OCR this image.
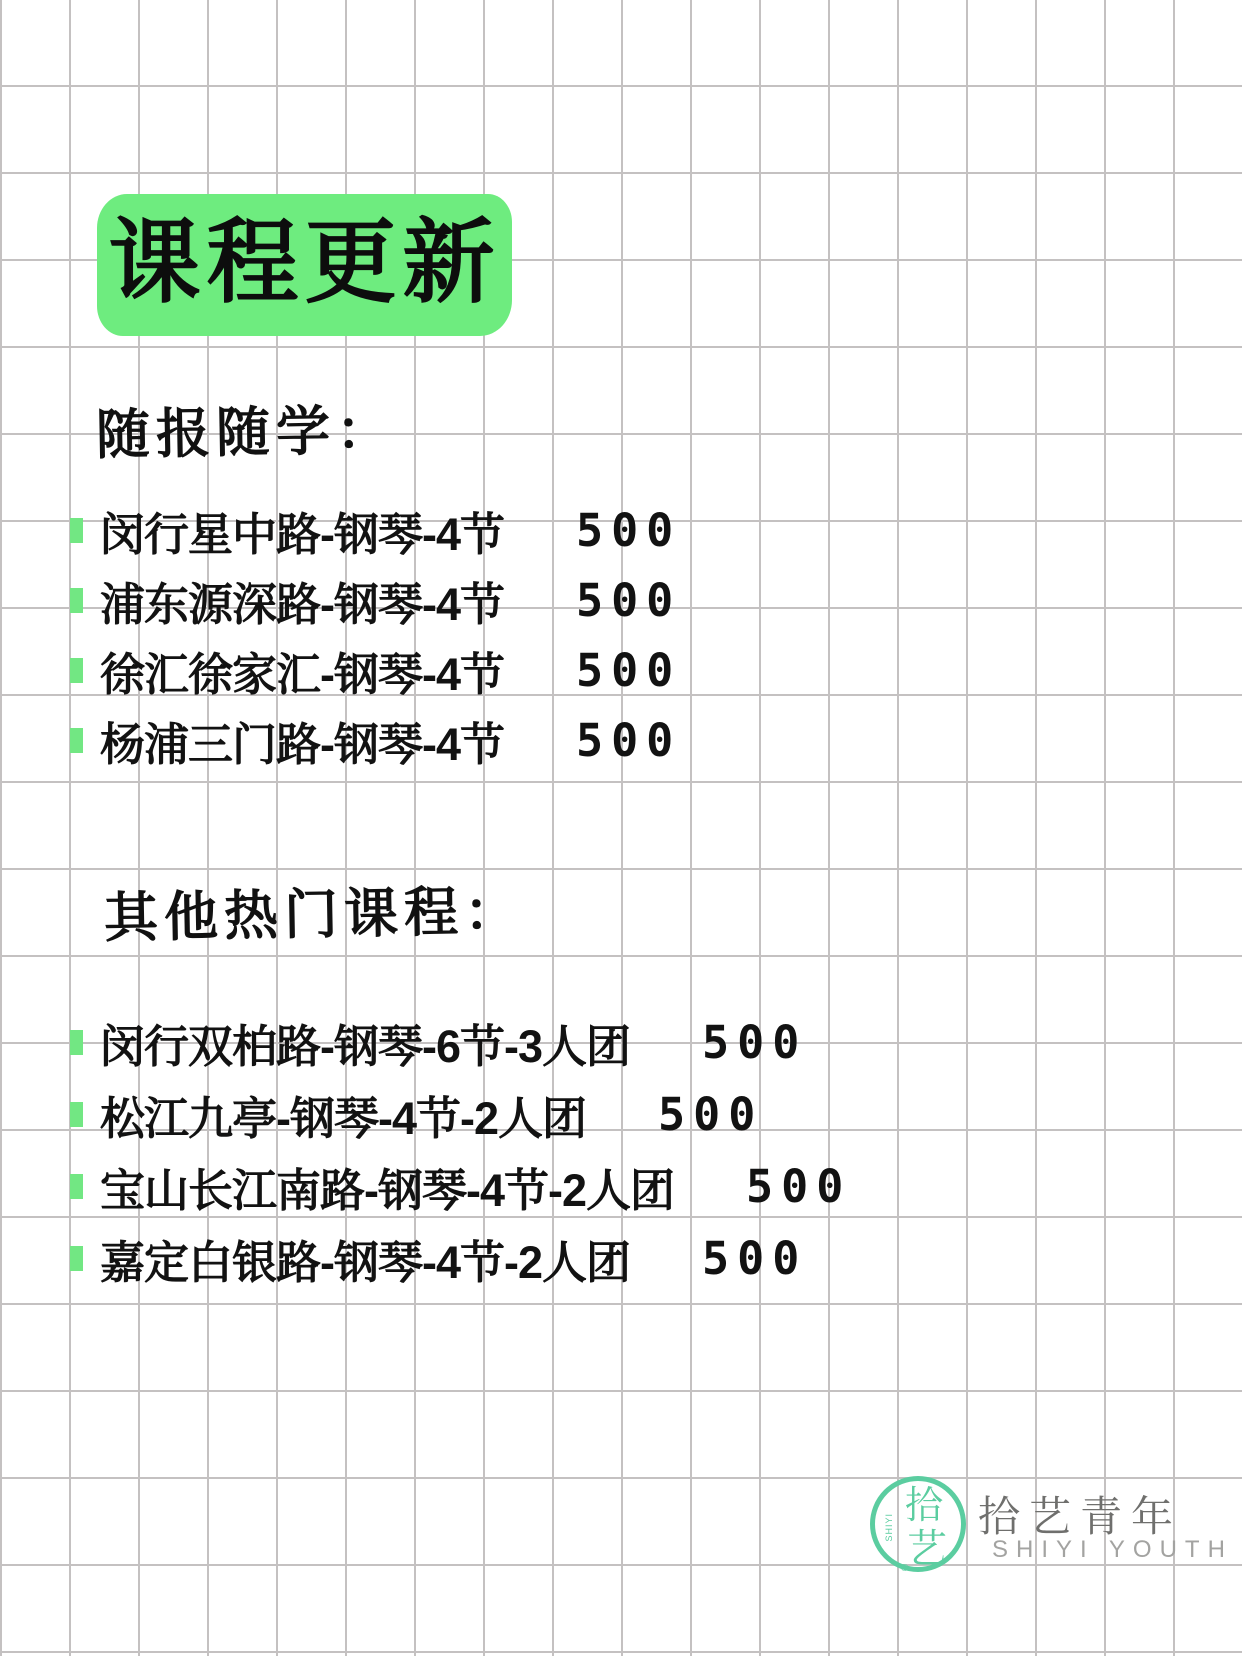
课程更新
随报随学：
闵行星中路-钢琴-4节 500
浦东源深路-钢琴-4节 500
徐汇徐家汇-钢琴-4节 500
杨浦三门路-钢琴-4节 500
其他热门课程：
闵行双柏路-钢琴-6节-3人团 500
松江九亭-钢琴-4节-2人团 500
宝山长江南路-钢琴-4节-2人团 500
嘉定白银路-钢琴-4节-2人团 500
SHIYI
拾
艺
®
拾艺青年
SHIYI YOUTH
